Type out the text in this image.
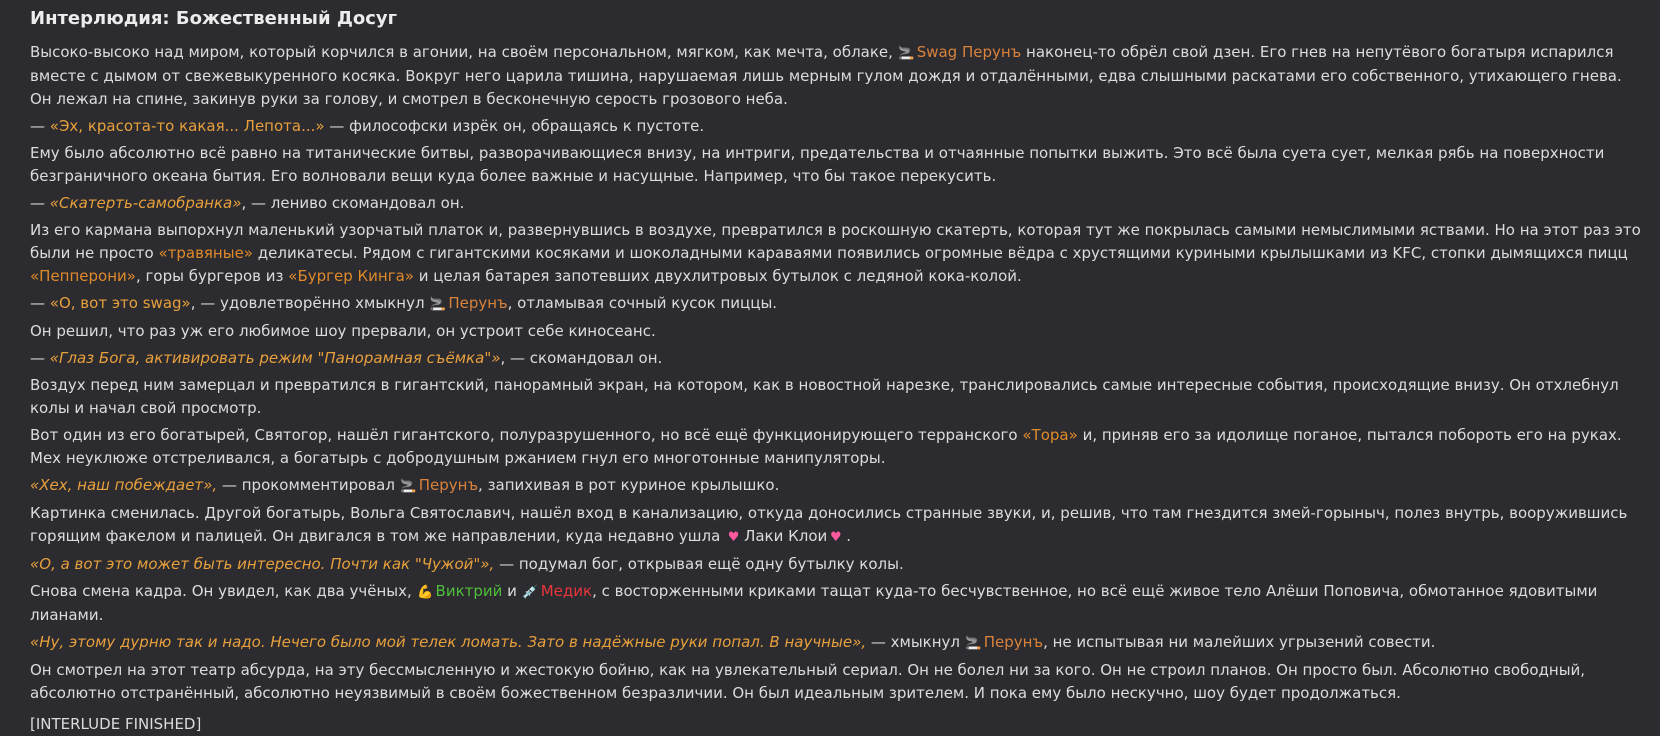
Интерлюдия: Божественный Досуг

Высоко-высоко над миром, который корчился в агонии, на своём персональном, мягком, как мечта, облаке, 🚬 Swag Перунъ наконец-то обрёл свой дзен. Его гнев на непутёвого богатыря испарился вместе с дымом от свежевыкуренного косяка. Вокруг него царила тишина, нарушаемая лишь мерным гулом дождя и отдалёнными, едва слышными раскатами его собственного, утихающего гнева. Он лежал на спине, закинув руки за голову, и смотрел в бесконечную серость грозового неба.

— «Эх, красота-то какая... Лепота...» — философски изрёк он, обращаясь к пустоте.

Ему было абсолютно всё равно на титанические битвы, разворачивающиеся внизу, на интриги, предательства и отчаянные попытки выжить. Это всё была суета сует, мелкая рябь на поверхности безграничного океана бытия. Его волновали вещи куда более важные и насущные. Например, что бы такое перекусить.

— «Скатерть-самобранка», — лениво скомандовал он.

Из его кармана выпорхнул маленький узорчатый платок и, развернувшись в воздухе, превратился в роскошную скатерть, которая тут же покрылась самыми немыслимыми яствами. Но на этот раз это были не просто «травяные» деликатесы. Рядом с гигантскими косяками и шоколадными караваями появились огромные вёдра с хрустящими куриными крылышками из KFC, стопки дымящихся пицц «Пепперони», горы бургеров из «Бургер Кинга» и целая батарея запотевших двухлитровых бутылок с ледяной кока-колой.

— «О, вот это swag», — удовлетворённо хмыкнул 🚬 Перунъ, отламывая сочный кусок пиццы.

Он решил, что раз уж его любимое шоу прервали, он устроит себе киносеанс.

— «Глаз Бога, активировать режим "Панорамная съёмка"», — скомандовал он.

Воздух перед ним замерцал и превратился в гигантский, панорамный экран, на котором, как в новостной нарезке, транслировались самые интересные события, происходящие внизу. Он отхлебнул колы и начал свой просмотр.

Вот один из его богатырей, Святогор, нашёл гигантского, полуразрушенного, но всё ещё функционирующего терранского «Тора» и, приняв его за идолище поганое, пытался побороть его на руках. Мех неуклюже отстреливался, а богатырь с добродушным ржанием гнул его многотонные манипуляторы.

«Хех, наш побеждает», — прокомментировал 🚬 Перунъ, запихивая в рот куриное крылышко.

Картинка сменилась. Другой богатырь, Вольга Святославич, нашёл вход в канализацию, откуда доносились странные звуки, и, решив, что там гнездится змей-горыныч, полез внутрь, вооружившись горящим факелом и палицей. Он двигался в том же направлении, куда недавно ушла ♥ Лаки Клои ♥ .

«О, а вот это может быть интересно. Почти как "Чужой"», — подумал бог, открывая ещё одну бутылку колы.

Снова смена кадра. Он увидел, как два учёных, 💪 Виктрий и 💉 Медик, с восторженными криками тащат куда-то бесчувственное, но всё ещё живое тело Алёши Поповича, обмотанное ядовитыми лианами.

«Ну, этому дурню так и надо. Нечего было мой телек ломать. Зато в надёжные руки попал. В научные», — хмыкнул 🚬 Перунъ, не испытывая ни малейших угрызений совести.

Он смотрел на этот театр абсурда, на эту бессмысленную и жестокую бойню, как на увлекательный сериал. Он не болел ни за кого. Он не строил планов. Он просто был. Абсолютно свободный, абсолютно отстранённый, абсолютно неуязвимый в своём божественном безразличии. Он был идеальным зрителем. И пока ему было нескучно, шоу будет продолжаться.

[INTERLUDE FINISHED]
